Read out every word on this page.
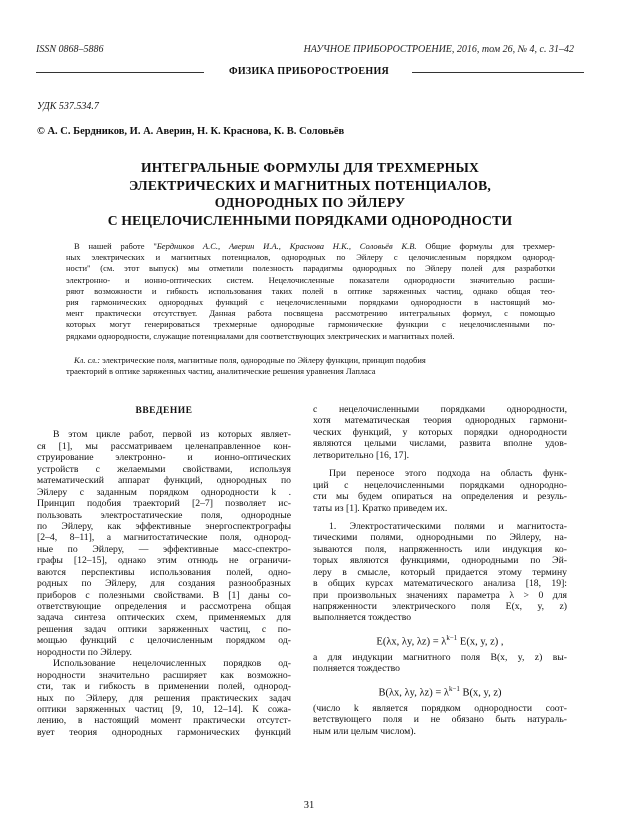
ISSN 0868–5886	НАУЧНОЕ ПРИБОРОСТРОЕНИЕ, 2016, том 26, № 4, с. 31–42
ФИЗИКА ПРИБОРОСТРОЕНИЯ
УДК 537.534.7
© А. С. Бердников, И. А. Аверин, Н. К. Краснова, К. В. Соловьёв
ИНТЕГРАЛЬНЫЕ ФОРМУЛЫ ДЛЯ ТРЕХМЕРНЫХ
ЭЛЕКТРИЧЕСКИХ И МАГНИТНЫХ ПОТЕНЦИАЛОВ,
ОДНОРОДНЫХ ПО ЭЙЛЕРУ
С НЕЦЕЛОЧИСЛЕННЫМИ ПОРЯДКАМИ ОДНОРОДНОСТИ
В нашей работе "Бердников А.С., Аверин И.А., Краснова Н.К., Соловьёв К.В. Общие формулы для трехмер-
ных электрических и магнитных потенциалов, однородных по Эйлеру с целочисленным порядком однород-
ности" (см. этот выпуск) мы отметили полезность парадигмы однородных по Эйлеру полей для разработки
электронно- и ионно-оптических систем. Нецелочисленные показатели однородности значительно расши-
ряют возможности и гибкость использования таких полей в оптике заряженных частиц, однако общая тео-
рия гармонических однородных функций с нецелочисленными порядками однородности в настоящий мо-
мент практически отсутствует. Данная работа посвящена рассмотрению интегральных формул, с помощью
которых могут генерироваться трехмерные однородные гармонические функции с нецелочисленными по-
рядками однородности, служащие потенциалами для соответствующих электрических и магнитных полей.
Кл. сл.: электрические поля, магнитные поля, однородные по Эйлеру функции, принцип подобия
траекторий в оптике заряженных частиц, аналитические решения уравнения Лапласа
ВВЕДЕНИЕ
В этом цикле работ, первой из которых являет-
ся [1], мы рассматриваем целенаправленное кон-
струирование электронно- и ионно-оптических
устройств с желаемыми свойствами, используя
математический аппарат функций, однородных по
Эйлеру с заданным порядком однородности k .
Принцип подобия траекторий [2–7] позволяет ис-
пользовать электростатические поля, однородные
по Эйлеру, как эффективные энергоспектрографы
[2–4, 8–11], а магнитостатические поля, однород-
ные по Эйлеру, — эффективные масс-спектро-
графы [12–15], однако этим отнюдь не ограничи-
ваются перспективы использования полей, одно-
родных по Эйлеру, для создания разнообразных
приборов с полезными свойствами. В [1] даны со-
ответствующие определения и рассмотрена общая
задача синтеза оптических схем, применяемых для
решения задач оптики заряженных частиц, с по-
мощью функций с целочисленным порядком од-
нородности по Эйлеру.
Использование нецелочисленных порядков од-
нородности значительно расширяет как возможно-
сти, так и гибкость в применении полей, однород-
ных по Эйлеру, для решения практических задач
оптики заряженных частиц [9, 10, 12–14]. К сожа-
лению, в настоящий момент практически отсутст-
вует теория однородных гармонических функций
с нецелочисленными порядками однородности,
хотя математическая теория однородных гармони-
ческих функций, у которых порядки однородности
являются целыми числами, развита вполне удов-
летворительно [16, 17].
При переносе этого подхода на область функ-
ций с нецелочисленными порядками однородно-
сти мы будем опираться на определения и резуль-
таты из [1]. Кратко приведем их.
1. Электростатическими полями и магнитоста-
тическими полями, однородными по Эйлеру, на-
зываются поля, напряженность или индукция ко-
торых являются функциями, однородными по Эй-
леру в смысле, который придается этому термину
в общих курсах математического анализа [18, 19]:
при произвольных значениях параметра λ > 0 для
напряженности электрического поля E(x, y, z)
выполняется тождество
E(λx, λy, $\lambda z) = \lambda^{k-1}$ E(x, y, z) ,
а для индукции магнитного поля B(x, y, z) вы-
полняется тождество
B(λx, λy, $\lambda z) = \lambda^{k-1}$ B(x, y, z)
(число k является порядком однородности соот-
ветствующего поля и не обязано быть натураль-
ным или целым числом).
31
